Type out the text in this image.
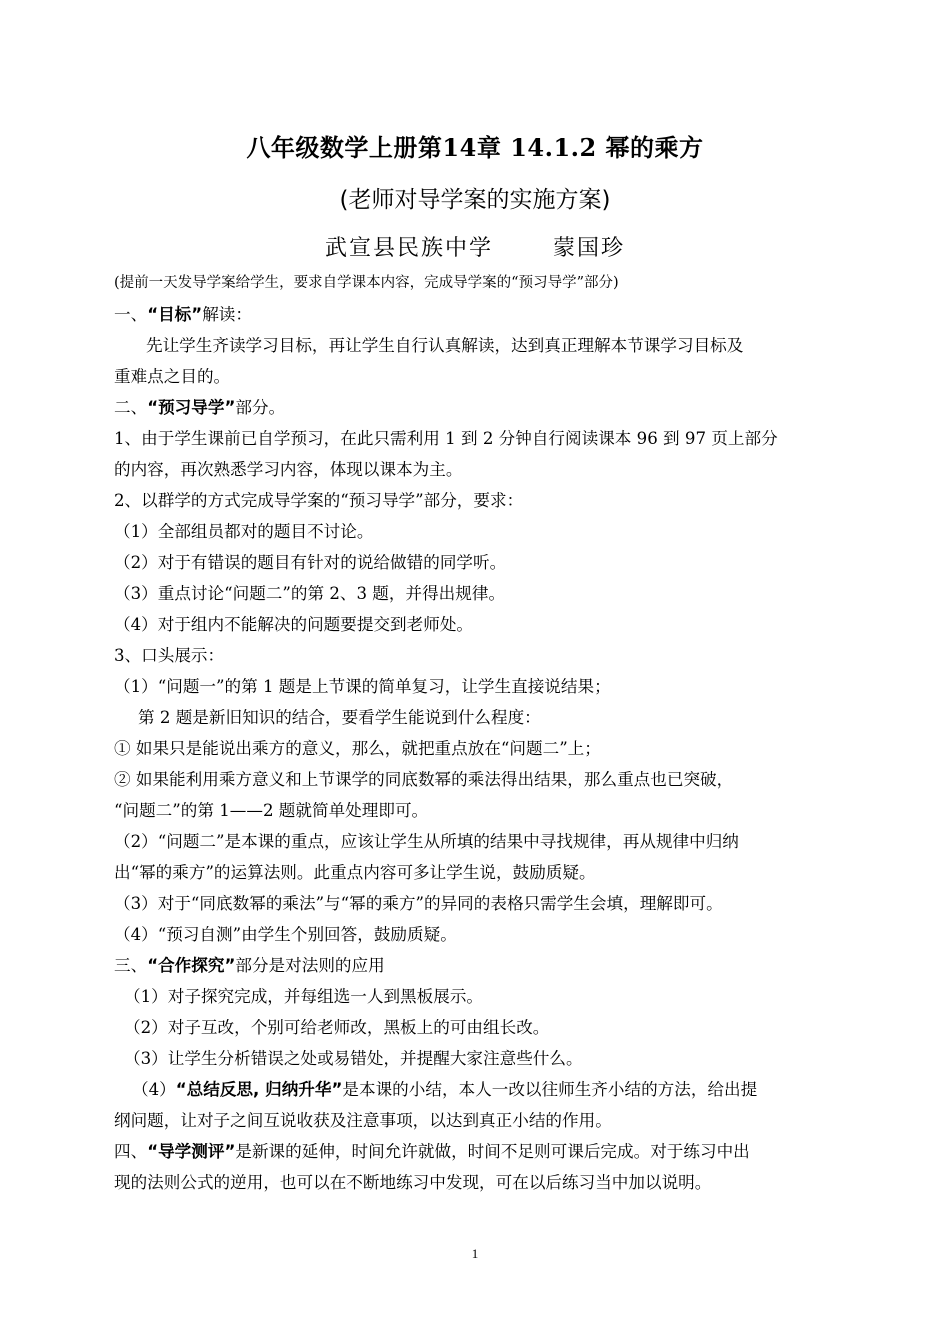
八年级数学上册第14章 14.1.2 幂的乘方
(老师对导学案的实施方案)
武宣县民族中学	蒙国珍
(提前一天发导学案给学生，要求自学课本内容，完成导学案的“预习导学”部分)
一、“目标”解读：
先让学生齐读学习目标，再让学生自行认真解读，达到真正理解本节课学习目标及
重难点之目的。
二、“预习导学”部分。
1、由于学生课前已自学预习，在此只需利用 1 到 2 分钟自行阅读课本 96 到 97 页上部分
的内容，再次熟悉学习内容，体现以课本为主。
2、以群学的方式完成导学案的“预习导学”部分，要求：
（1）全部组员都对的题目不讨论。
（2）对于有错误的题目有针对的说给做错的同学听。
（3）重点讨论“问题二”的第 2、3 题，并得出规律。
（4）对于组内不能解决的问题要提交到老师处。
3、口头展示：
（1）“问题一”的第 1 题是上节课的简单复习，让学生直接说结果；
第 2 题是新旧知识的结合，要看学生能说到什么程度：
① 如果只是能说出乘方的意义，那么，就把重点放在“问题二”上；
② 如果能利用乘方意义和上节课学的同底数幂的乘法得出结果，那么重点也已突破，
“问题二”的第 1——2 题就简单处理即可。
（2）“问题二”是本课的重点，应该让学生从所填的结果中寻找规律，再从规律中归纳
出“幂的乘方”的运算法则。此重点内容可多让学生说，鼓励质疑。
（3）对于“同底数幂的乘法”与“幂的乘方”的异同的表格只需学生会填，理解即可。
（4）“预习自测”由学生个别回答，鼓励质疑。
三、“合作探究”部分是对法则的应用
（1）对子探究完成，并每组选一人到黑板展示。
（2）对子互改，个别可给老师改，黑板上的可由组长改。
（3）让学生分析错误之处或易错处，并提醒大家注意些什么。
（4）“总结反思, 归纳升华”是本课的小结，本人一改以往师生齐小结的方法，给出提
纲问题，让对子之间互说收获及注意事项，以达到真正小结的作用。
四、“导学测评”是新课的延伸，时间允许就做，时间不足则可课后完成。对于练习中出
现的法则公式的逆用，也可以在不断地练习中发现，可在以后练习当中加以说明。
1
